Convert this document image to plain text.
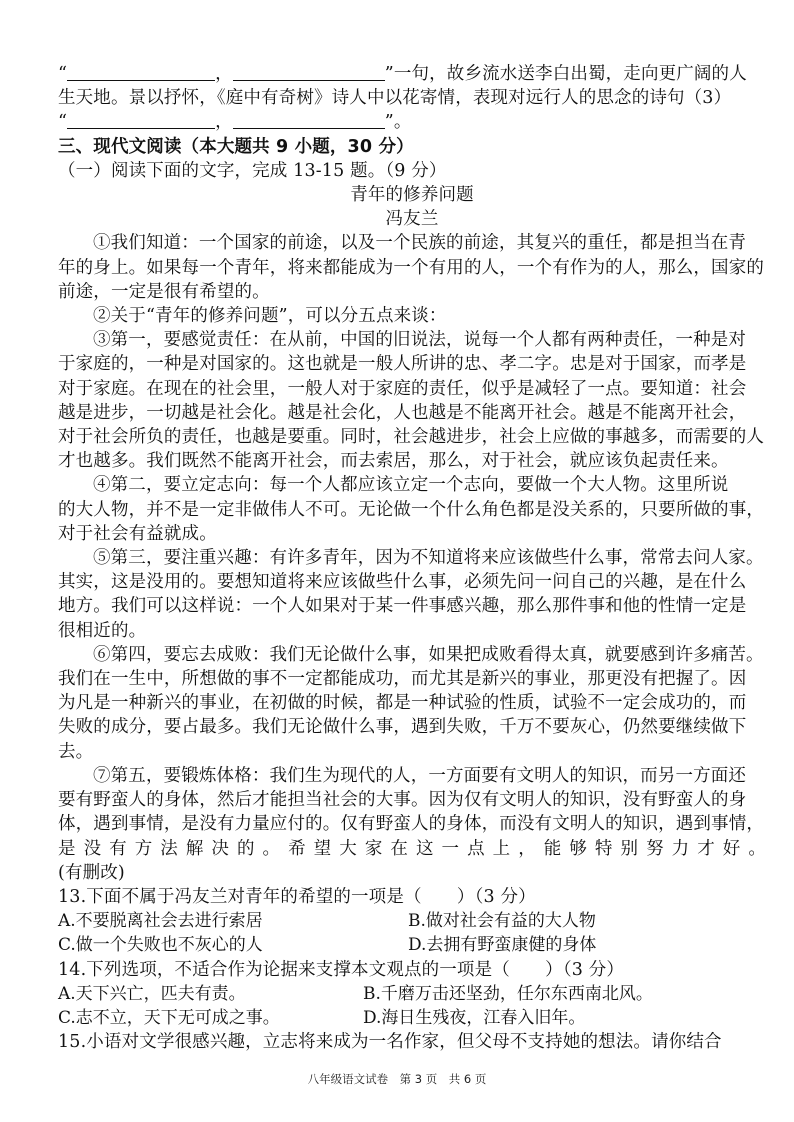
“	，	”一句，故乡流水送李白出蜀，走向更广阔的人
生天地。景以抒怀，《庭中有奇树》诗人中以花寄情，表现对远行人的思念的诗句（3）
“	，	”。
三、现代文阅读（本大题共 9 小题，30 分）
（一）阅读下面的文字，完成 13-15 题。（9 分）
青年的修养问题
冯友兰
①我们知道：一个国家的前途，以及一个民族的前途，其复兴的重任，都是担当在青
年的身上。如果每一个青年，将来都能成为一个有用的人，一个有作为的人，那么，国家的
前途，一定是很有希望的。
②关于“青年的修养问题”，可以分五点来谈：
③第一，要感觉责任：在从前，中国的旧说法，说每一个人都有两种责任，一种是对
于家庭的，一种是对国家的。这也就是一般人所讲的忠、孝二字。忠是对于国家，而孝是
对于家庭。在现在的社会里，一般人对于家庭的责任，似乎是减轻了一点。要知道：社会
越是进步，一切越是社会化。越是社会化，人也越是不能离开社会。越是不能离开社会，
对于社会所负的责任，也越是要重。同时，社会越进步，社会上应做的事越多，而需要的人
才也越多。我们既然不能离开社会，而去索居，那么，对于社会，就应该负起责任来。
④第二，要立定志向：每一个人都应该立定一个志向，要做一个大人物。这里所说
的大人物，并不是一定非做伟人不可。无论做一个什么角色都是没关系的，只要所做的事，
对于社会有益就成。
⑤第三，要注重兴趣：有许多青年，因为不知道将来应该做些什么事，常常去问人家。
其实，这是没用的。要想知道将来应该做些什么事，必须先问一问自己的兴趣，是在什么
地方。我们可以这样说：一个人如果对于某一件事感兴趣，那么那件事和他的性情一定是
很相近的。
⑥第四，要忘去成败：我们无论做什么事，如果把成败看得太真，就要感到许多痛苦。
我们在一生中，所想做的事不一定都能成功，而尤其是新兴的事业，那更没有把握了。因
为凡是一种新兴的事业，在初做的时候，都是一种试验的性质，试验不一定会成功的，而
失败的成分，要占最多。我们无论做什么事，遇到失败，千万不要灰心，仍然要继续做下
去。
⑦第五，要锻炼体格：我们生为现代的人，一方面要有文明人的知识，而另一方面还
要有野蛮人的身体，然后才能担当社会的大事。因为仅有文明人的知识，没有野蛮人的身
体，遇到事情，是没有力量应付的。仅有野蛮人的身体，而没有文明人的知识，遇到事情，
是没有方法解决的。希望大家在这一点上，能够特别努力才好。
(有删改)
13.下面不属于冯友兰对青年的希望的一项是（　　）（3 分）
A.不要脱离社会去进行索居	B.做对社会有益的大人物
C.做一个失败也不灰心的人	D.去拥有野蛮康健的身体
14.下列选项，不适合作为论据来支撑本文观点的一项是（　　）（3 分）
A.天下兴亡，匹夫有责。	B.千磨万击还坚劲，任尔东西南北风。
C.志不立，天下无可成之事。	D.海日生残夜，江春入旧年。
15.小语对文学很感兴趣，立志将来成为一名作家，但父母不支持她的想法。请你结合
八年级语文试卷　第 3 页　共 6 页
